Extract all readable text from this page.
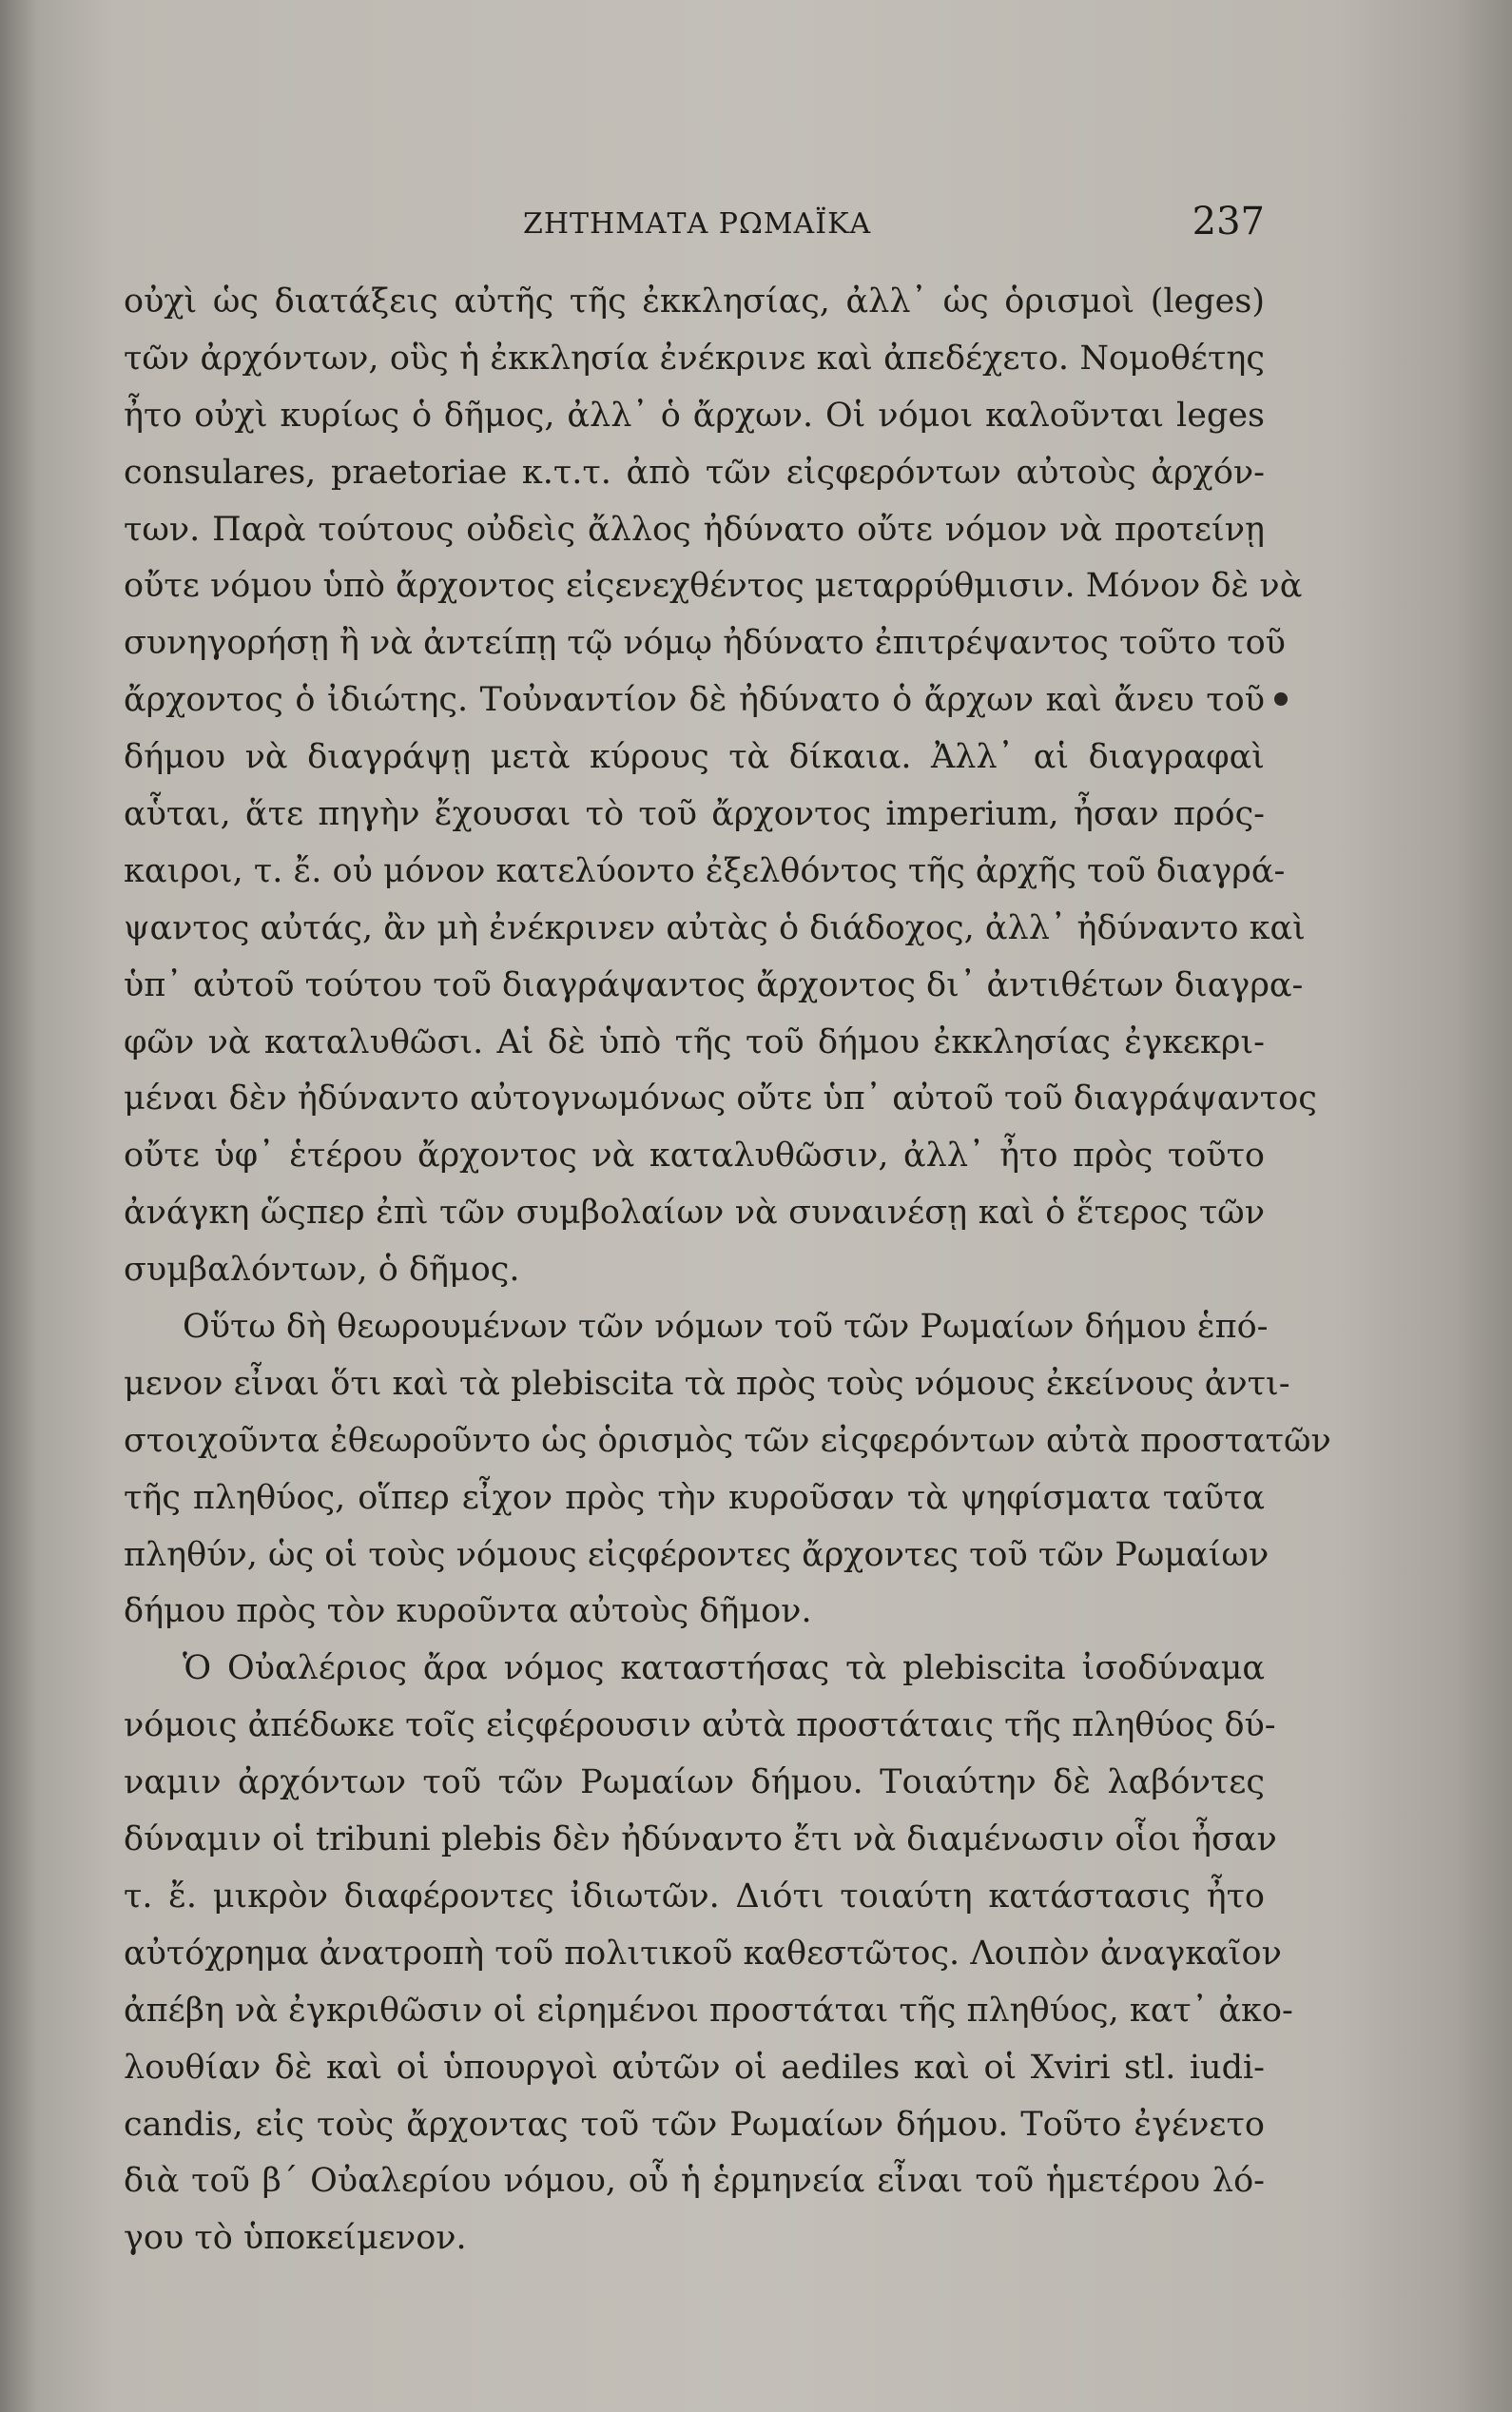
ΖΗΤΗΜΑΤΑ ΡΩΜΑΪΚΑ	237
οὐχὶ ὡς διατάξεις αὐτῆς τῆς ἐκκλησίας, ἀλλ᾽ ὡς ὁρισμοὶ (leges)
τῶν ἀρχόντων, οὓς ἡ ἐκκλησία ἐνέκρινε καὶ ἀπεδέχετο. Νομοθέτης
ἦτο οὐχὶ κυρίως ὁ δῆμος, ἀλλ᾽ ὁ ἄρχων. Οἱ νόμοι καλοῦνται leges
consulares, praetoriae κ.τ.τ. ἀπὸ τῶν εἰςφερόντων αὐτοὺς ἀρχόν-
των. Παρὰ τούτους οὐδεὶς ἄλλος ἠδύνατο οὔτε νόμον νὰ προτείνῃ
οὔτε νόμου ὑπὸ ἄρχοντος εἰςενεχθέντος μεταρρύθμισιν. Μόνον δὲ νὰ
συνηγορήσῃ ἢ νὰ ἀντείπῃ τῷ νόμῳ ἠδύνατο ἐπιτρέψαντος τοῦτο τοῦ
ἄρχοντος ὁ ἰδιώτης. Τοὐναντίον δὲ ἠδύνατο ὁ ἄρχων καὶ ἄνευ τοῦ
δήμου νὰ διαγράψῃ μετὰ κύρους τὰ δίκαια. Ἀλλ᾽ αἱ διαγραφαὶ
αὗται, ἅτε πηγὴν ἔχουσαι τὸ τοῦ ἄρχοντος imperium, ἦσαν πρός-
καιροι, τ. ἔ. οὐ μόνον κατελύοντο ἐξελθόντος τῆς ἀρχῆς τοῦ διαγρά-
ψαντος αὐτάς, ἂν μὴ ἐνέκρινεν αὐτὰς ὁ διάδοχος, ἀλλ᾽ ἠδύναντο καὶ
ὑπ᾽ αὐτοῦ τούτου τοῦ διαγράψαντος ἄρχοντος δι᾽ ἀντιθέτων διαγρα-
φῶν νὰ καταλυθῶσι. Αἱ δὲ ὑπὸ τῆς τοῦ δήμου ἐκκλησίας ἐγκεκρι-
μέναι δὲν ἠδύναντο αὐτογνωμόνως οὔτε ὑπ᾽ αὐτοῦ τοῦ διαγράψαντος
οὔτε ὑφ᾽ ἑτέρου ἄρχοντος νὰ καταλυθῶσιν, ἀλλ᾽ ἦτο πρὸς τοῦτο
ἀνάγκη ὥςπερ ἐπὶ τῶν συμβολαίων νὰ συναινέσῃ καὶ ὁ ἕτερος τῶν
συμβαλόντων, ὁ δῆμος.
Οὕτω δὴ θεωρουμένων τῶν νόμων τοῦ τῶν Ρωμαίων δήμου ἑπό-
μενον εἶναι ὅτι καὶ τὰ plebiscita τὰ πρὸς τοὺς νόμους ἐκείνους ἀντι-
στοιχοῦντα ἐθεωροῦντο ὡς ὁρισμὸς τῶν εἰςφερόντων αὐτὰ προστατῶν
τῆς πληθύος, οἵπερ εἶχον πρὸς τὴν κυροῦσαν τὰ ψηφίσματα ταῦτα
πληθύν, ὡς οἱ τοὺς νόμους εἰςφέροντες ἄρχοντες τοῦ τῶν Ρωμαίων
δήμου πρὸς τὸν κυροῦντα αὐτοὺς δῆμον.
Ὁ Οὐαλέριος ἄρα νόμος καταστήσας τὰ plebiscita ἰσοδύναμα
νόμοις ἀπέδωκε τοῖς εἰςφέρουσιν αὐτὰ προστάταις τῆς πληθύος δύ-
ναμιν ἀρχόντων τοῦ τῶν Ρωμαίων δήμου. Τοιαύτην δὲ λαβόντες
δύναμιν οἱ tribuni plebis δὲν ἠδύναντο ἔτι νὰ διαμένωσιν οἷοι ἦσαν
τ. ἔ. μικρὸν διαφέροντες ἰδιωτῶν. Διότι τοιαύτη κατάστασις ἦτο
αὐτόχρημα ἀνατροπὴ τοῦ πολιτικοῦ καθεστῶτος. Λοιπὸν ἀναγκαῖον
ἀπέβη νὰ ἐγκριθῶσιν οἱ εἰρημένοι προστάται τῆς πληθύος, κατ᾽ ἀκο-
λουθίαν δὲ καὶ οἱ ὑπουργοὶ αὐτῶν οἱ aediles καὶ οἱ Xviri stl. iudi-
candis, εἰς τοὺς ἄρχοντας τοῦ τῶν Ρωμαίων δήμου. Τοῦτο ἐγένετο
διὰ τοῦ β´ Οὐαλερίου νόμου, οὗ ἡ ἑρμηνεία εἶναι τοῦ ἡμετέρου λό-
γου τὸ ὑποκείμενον.
